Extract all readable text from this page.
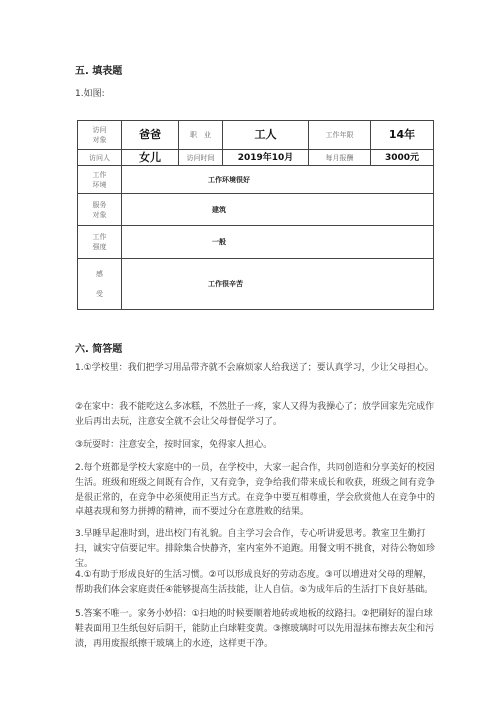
五. 填表题
1.如图:
访问
对象	爸爸	职　业	工人	工作年限	14年
访问人	女儿	访问时间	2019年10月	每月报酬	3000元
工作
环境	工作环境很好				
服务
对象	建筑				
工作
强度	一般				
感

受	工作很辛苦				
六. 简答题
1.①学校里：我们把学习用品带齐就不会麻烦家人给我送了；要认真学习，少让父母担心。
②在家中：我不能吃这么多冰糕，不然肚子一疼，家人又得为我操心了；放学回家先完成作业后再出去玩，注意安全就不会让父母督促学习了。
③玩耍时：注意安全，按时回家，免得家人担心。
2.每个班都是学校大家庭中的一员，在学校中，大家一起合作，共同创造和分享美好的校园生活。班级和班级之间既有合作，又有竞争，竞争给我们带来成长和收获，班级之间有竞争是很正常的，在竞争中必须使用正当方式。在竞争中要互相尊重，学会欣赏他人在竞争中的卓越表现和努力拼搏的精神，而不要过分在意胜败的结果。
3.早睡早起准时到，进出校门有礼貌。自主学习会合作，专心听讲爱思考。教室卫生勤打扫，诚实守信要记牢。排除集合快静齐，室内室外不追跑。用餐文明不挑食，对待公物如珍宝。
4.①有助于形成良好的生活习惯。②可以形成良好的劳动态度。③可以增进对父母的理解，帮助我们体会家庭责任④能够提高生活技能，让人自信。⑤为成年后的生活打下良好基础。
5.答案不唯一。家务小妙招：①扫地的时候要顺着地砖或地板的纹路扫。②把刷好的湿白球鞋表面用卫生纸包好后阴干，能防止白球鞋变黄。③擦玻璃时可以先用湿抹布擦去灰尘和污渍，再用废报纸擦干玻璃上的水迹，这样更干净。
